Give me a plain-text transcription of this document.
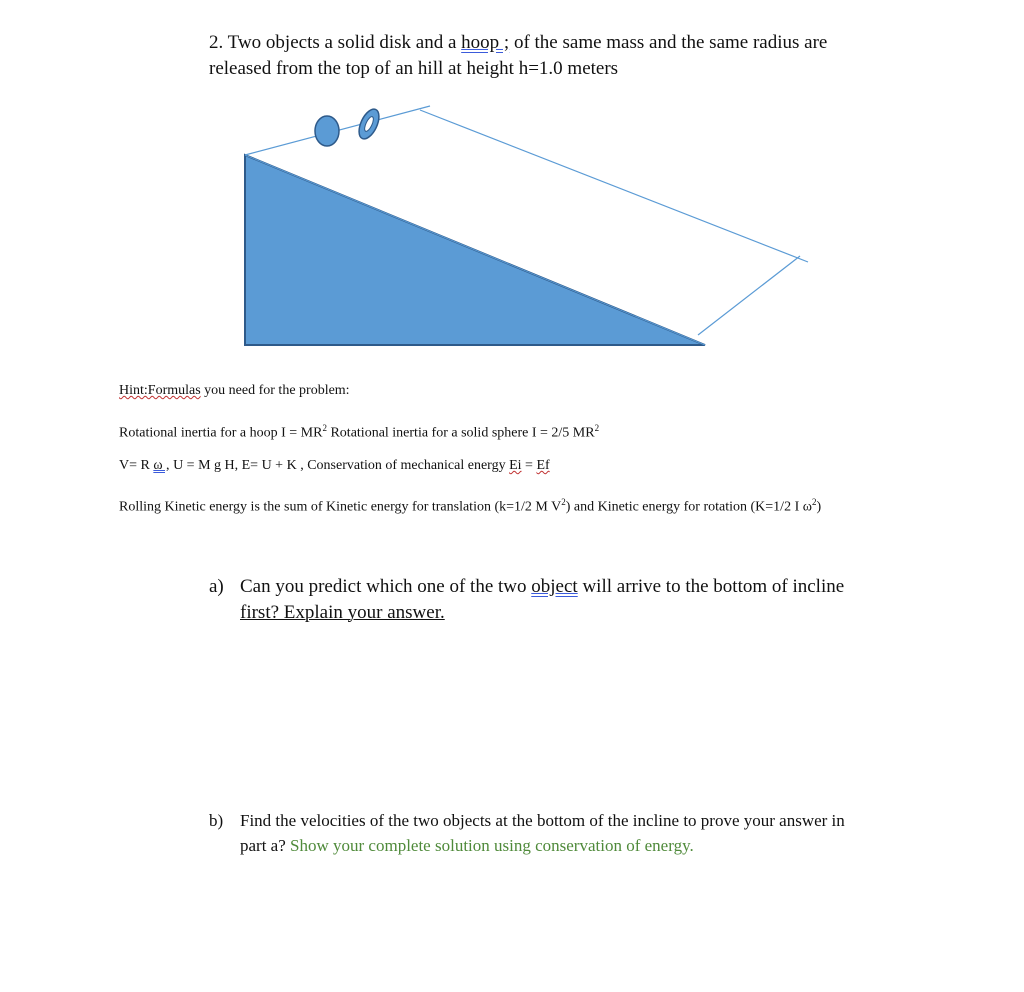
2. Two objects a solid disk and a hoop ; of the same mass and the same radius are
released from the top of an hill at height h=1.0 meters
Hint:Formulas you need for the problem:
Rotational inertia for a hoop $I = MR^2$ Rotational inertia for a solid sphere I = 2/5 $MR^2$
V= R ω , U = M g H, E= U + K , Conservation of mechanical energy Ei = Ef
Rolling Kinetic energy is the sum of Kinetic energy for translation (k=1/2 M $V^2$) and Kinetic energy for rotation (K=1/2 I $\omega^2$)
a) Can you predict which one of the two object will arrive to the bottom of incline
first? Explain your answer.
b) Find the velocities of the two objects at the bottom of the incline to prove your answer in
part a? Show your complete solution using conservation of energy.
